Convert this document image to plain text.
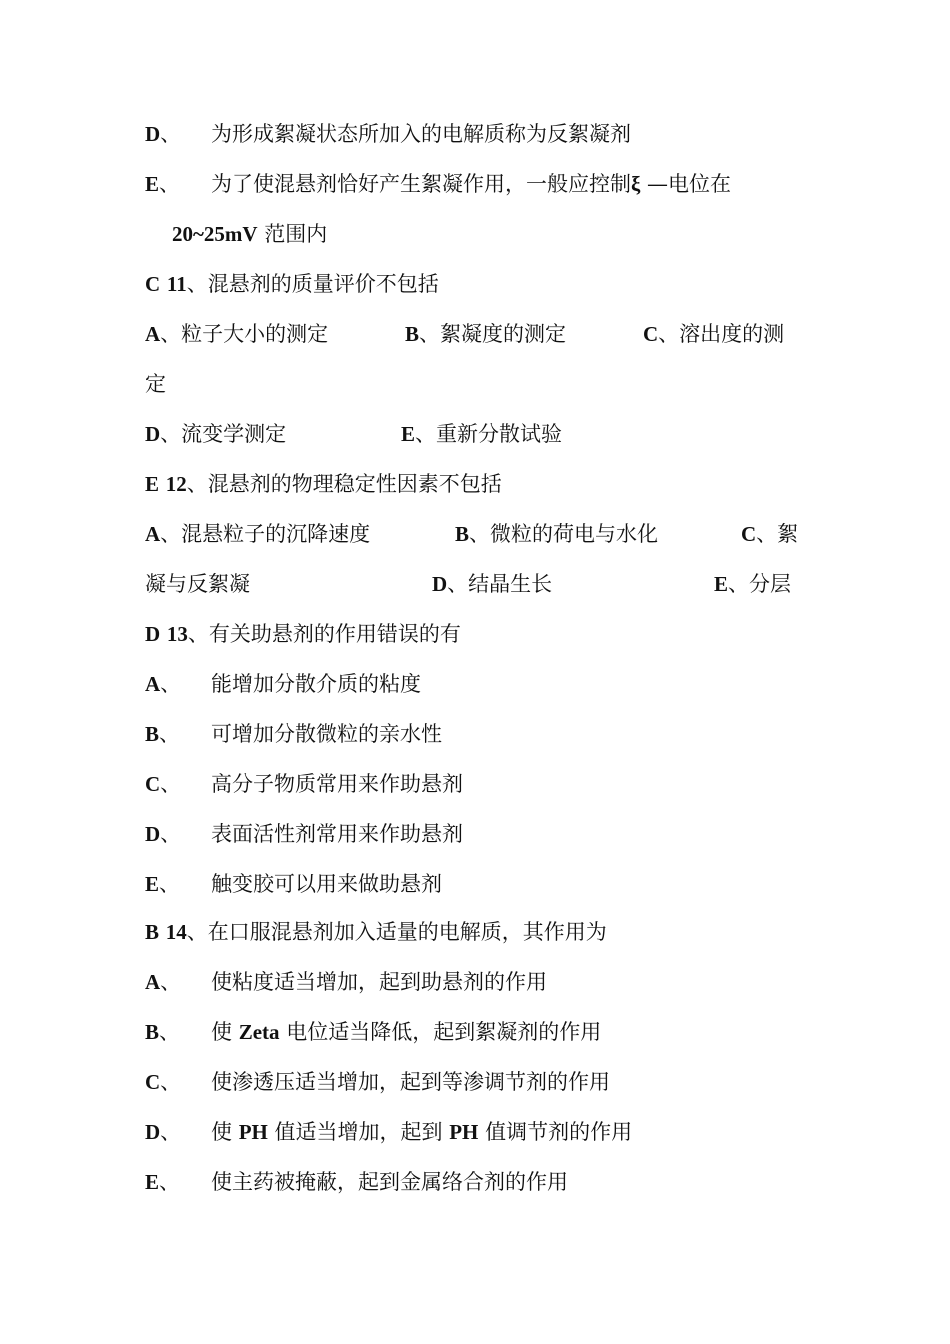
D、 为形成絮凝状态所加入的电解质称为反絮凝剂
E、 为了使混悬剂恰好产生絮凝作用，一般应控制ξ —电位在
20~25mV 范围内
C 11、混悬剂的质量评价不包括
A、粒子大小的测定	B、絮凝度的测定	C、溶出度的测
定
D、流变学测定	E、重新分散试验
E 12、混悬剂的物理稳定性因素不包括
A、混悬粒子的沉降速度	B、微粒的荷电与水化	C、絮
凝与反絮凝	D、结晶生长	E、分层
D 13、有关助悬剂的作用错误的有
A、 能增加分散介质的粘度
B、 可增加分散微粒的亲水性
C、 高分子物质常用来作助悬剂
D、 表面活性剂常用来作助悬剂
E、 触变胶可以用来做助悬剂
B 14、在口服混悬剂加入适量的电解质，其作用为
A、 使粘度适当增加，起到助悬剂的作用
B、 使 Zeta 电位适当降低，起到絮凝剂的作用
C、 使渗透压适当增加，起到等渗调节剂的作用
D、 使 PH 值适当增加，起到 PH 值调节剂的作用
E、 使主药被掩蔽，起到金属络合剂的作用
